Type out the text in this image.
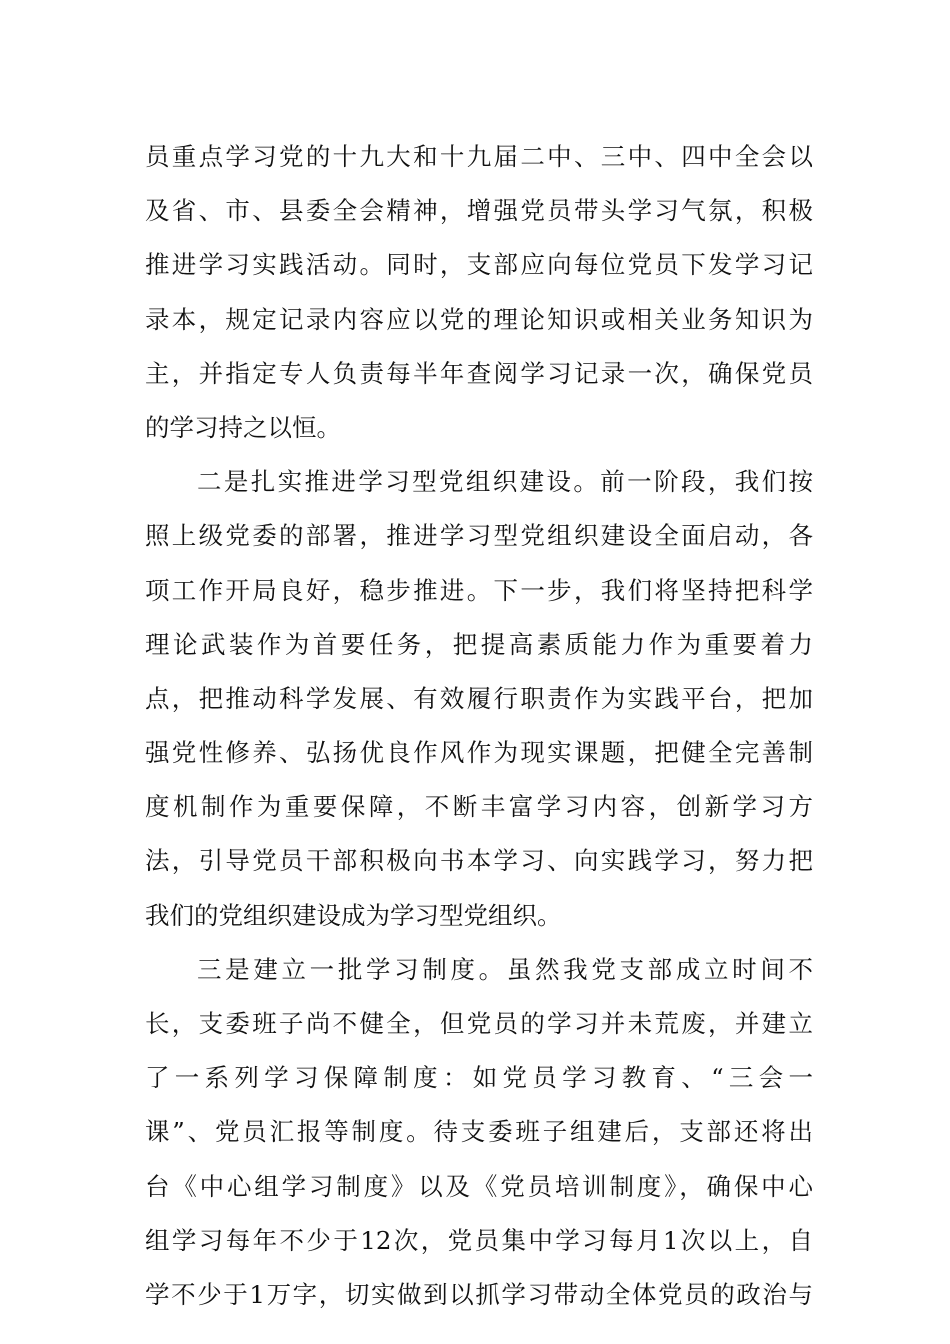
员重点学习党的十九大和十九届二中、三中、四中全会以
及省、市、县委全会精神，增强党员带头学习气氛，积极
推进学习实践活动。同时，支部应向每位党员下发学习记
录本，规定记录内容应以党的理论知识或相关业务知识为
主，并指定专人负责每半年查阅学习记录一次，确保党员
的学习持之以恒。
二是扎实推进学习型党组织建设。前一阶段，我们按
照上级党委的部署，推进学习型党组织建设全面启动，各
项工作开局良好，稳步推进。下一步，我们将坚持把科学
理论武装作为首要任务，把提高素质能力作为重要着力
点，把推动科学发展、有效履行职责作为实践平台，把加
强党性修养、弘扬优良作风作为现实课题，把健全完善制
度机制作为重要保障，不断丰富学习内容，创新学习方
法，引导党员干部积极向书本学习、向实践学习，努力把
我们的党组织建设成为学习型党组织。
三是建立一批学习制度。虽然我党支部成立时间不
长，支委班子尚不健全，但党员的学习并未荒废，并建立
了一系列学习保障制度：如党员学习教育、“三会一
课”、党员汇报等制度。待支委班子组建后，支部还将出
台《中心组学习制度》以及《党员培训制度》，确保中心
组学习每年不少于12次，党员集中学习每月1次以上，自
学不少于1万字，切实做到以抓学习带动全体党员的政治与
